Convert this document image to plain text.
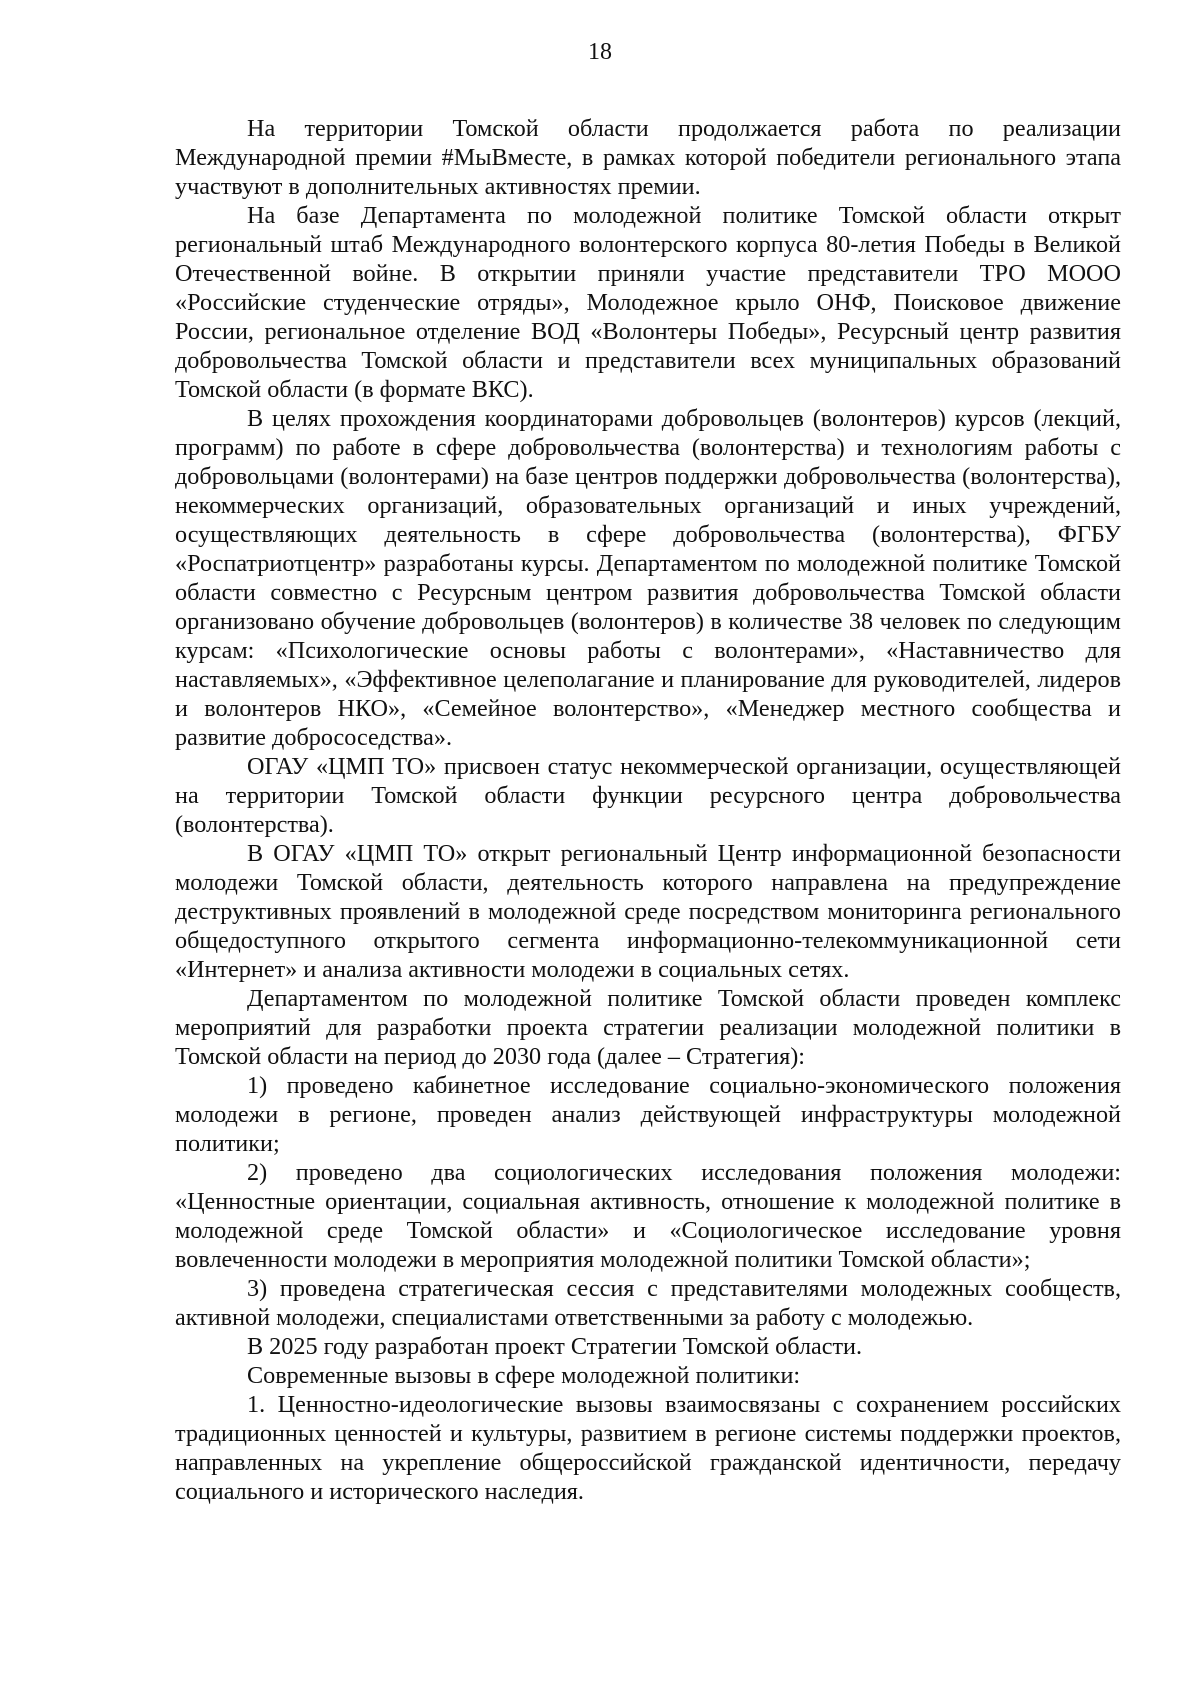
18

На территории Томской области продолжается работа по реализации Международной премии #МыВместе, в рамках которой победители регионального этапа участвуют в дополнительных активностях премии.

На базе Департамента по молодежной политике Томской области открыт региональный штаб Международного волонтерского корпуса 80-летия Победы в Великой Отечественной войне. В открытии приняли участие представители ТРО МООО «Российские студенческие отряды», Молодежное крыло ОНФ, Поисковое движение России, региональное отделение ВОД «Волонтеры Победы», Ресурсный центр развития добровольчества Томской области и представители всех муниципальных образований Томской области (в формате ВКС).

В целях прохождения координаторами добровольцев (волонтеров) курсов (лекций, программ) по работе в сфере добровольчества (волонтерства) и технологиям работы с добровольцами (волонтерами) на базе центров поддержки добровольчества (волонтерства), некоммерческих организаций, образовательных организаций и иных учреждений, осуществляющих деятельность в сфере добровольчества (волонтерства), ФГБУ «Роспатриотцентр» разработаны курсы. Департаментом по молодежной политике Томской области совместно с Ресурсным центром развития добровольчества Томской области организовано обучение добровольцев (волонтеров) в количестве 38 человек по следующим курсам: «Психологические основы работы с волонтерами», «Наставничество для наставляемых», «Эффективное целеполагание и планирование для руководителей, лидеров и волонтеров НКО», «Семейное волонтерство», «Менеджер местного сообщества и развитие добрососедства».

ОГАУ «ЦМП ТО» присвоен статус некоммерческой организации, осуществляющей на территории Томской области функции ресурсного центра добровольчества (волонтерства).

В ОГАУ «ЦМП ТО» открыт региональный Центр информационной безопасности молодежи Томской области, деятельность которого направлена на предупреждение деструктивных проявлений в молодежной среде посредством мониторинга регионального общедоступного открытого сегмента информационно-телекоммуникационной сети «Интернет» и анализа активности молодежи в социальных сетях.

Департаментом по молодежной политике Томской области проведен комплекс мероприятий для разработки проекта стратегии реализации молодежной политики в Томской области на период до 2030 года (далее – Стратегия):

1) проведено кабинетное исследование социально-экономического положения молодежи в регионе, проведен анализ действующей инфраструктуры молодежной политики;

2) проведено два социологических исследования положения молодежи: «Ценностные ориентации, социальная активность, отношение к молодежной политике в молодежной среде Томской области» и «Социологическое исследование уровня вовлеченности молодежи в мероприятия молодежной политики Томской области»;

3) проведена стратегическая сессия с представителями молодежных сообществ, активной молодежи, специалистами ответственными за работу с молодежью.

В 2025 году разработан проект Стратегии Томской области.

Современные вызовы в сфере молодежной политики:

1. Ценностно-идеологические вызовы взаимосвязаны с сохранением российских традиционных ценностей и культуры, развитием в регионе системы поддержки проектов, направленных на укрепление общероссийской гражданской идентичности, передачу социального и исторического наследия.
